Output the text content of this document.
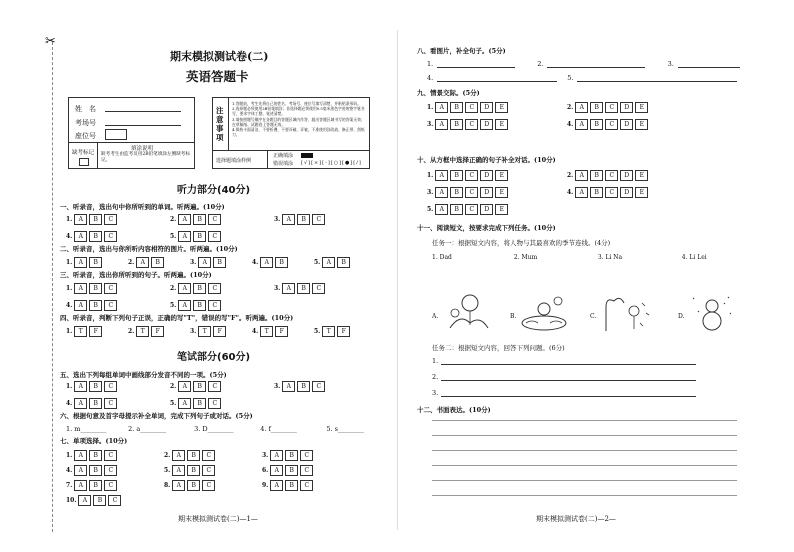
✂
期末模拟测试卷(二)
英语答题卡
姓　名
考场号
座位号
缺考标记
填涂说明
缺考考生由监考员用2B铅笔填涂左侧缺考标记。
注意事项
1.答题前，考生先将自己的姓名、考场号、座位号填写清楚，并粘贴条形码。
2.选择题必须使用2B铅笔填涂；非选择题必须使用0.5毫米黑色字迹的签字笔书写，要求字体工整、笔迹清楚。
3.请按照题号顺序在各题目的答题区域内作答，超出答题区域书写的答案无效；在草稿纸、试题卷上答题无效。
4.保持卡面清洁，不要折叠，不要弄破、弄皱，不准使用涂改液、修正带、刮纸刀。
选择题填涂样例
正确填涂
错误填涂 [√][×][-][○][●][/]
听力部分(40分)
一、听录音，选出句中你所听到的单词。听两遍。(10分)
1. A B C	2. A B C	3. A B C
4. A B C	5. A B C
二、听录音，选出与你所听内容相符的图片。听两遍。(10分)
1. A B	2. A B	3. A B	4. A B	5. A B
三、听录音，选出你所听到的句子。听两遍。(10分)
1. A B C	2. A B C	3. A B C
4. A B C	5. A B C
四、听录音，判断下列句子正误，正确的写"T"，错误的写"F"。听两遍。(10分)
1. T F	2. T F	3. T F	4. T F	5. T F
笔试部分(60分)
五、选出下列每组单词中画线部分发音不同的一项。(5分)
1. A B C	2. A B C	3. A B C
4. A B C	5. A B C
六、根据句意及首字母提示补全单词，完成下列句子或对话。(5分)
1. m________	2. a________	3. D________	4. f________	5. s________
七、单项选择。(10分)
1. A B C	2. A B C	3. A B C
4. A B C	5. A B C	6. A B C
7. A B C	8. A B C	9. A B C
10. A B C
期末模拟测试卷(二)—1—
八、看图片，补全句子。(5分)
1.	2.	3.
4.	5.
九、情景交际。(5分)
1. A B C D E	2. A B C D E
3. A B C D E	4. A B C D E
十、从方框中选择正确的句子补全对话。(10分)
1. A B C D E	2. A B C D E
3. A B C D E	4. A B C D E
5. A B C D E
十一、阅读短文，按要求完成下列任务。(10分)
任务一：根据短文内容，将人物与其最喜欢的季节连线。(4分)
1. Dad	2. Mum	3. Li Na	4. Li Lei
A.	B.	C.	D.
任务二：根据短文内容，回答下列问题。(6分)
1.
2.
3.
十二、书面表达。(10分)
期末模拟测试卷(二)—2—
